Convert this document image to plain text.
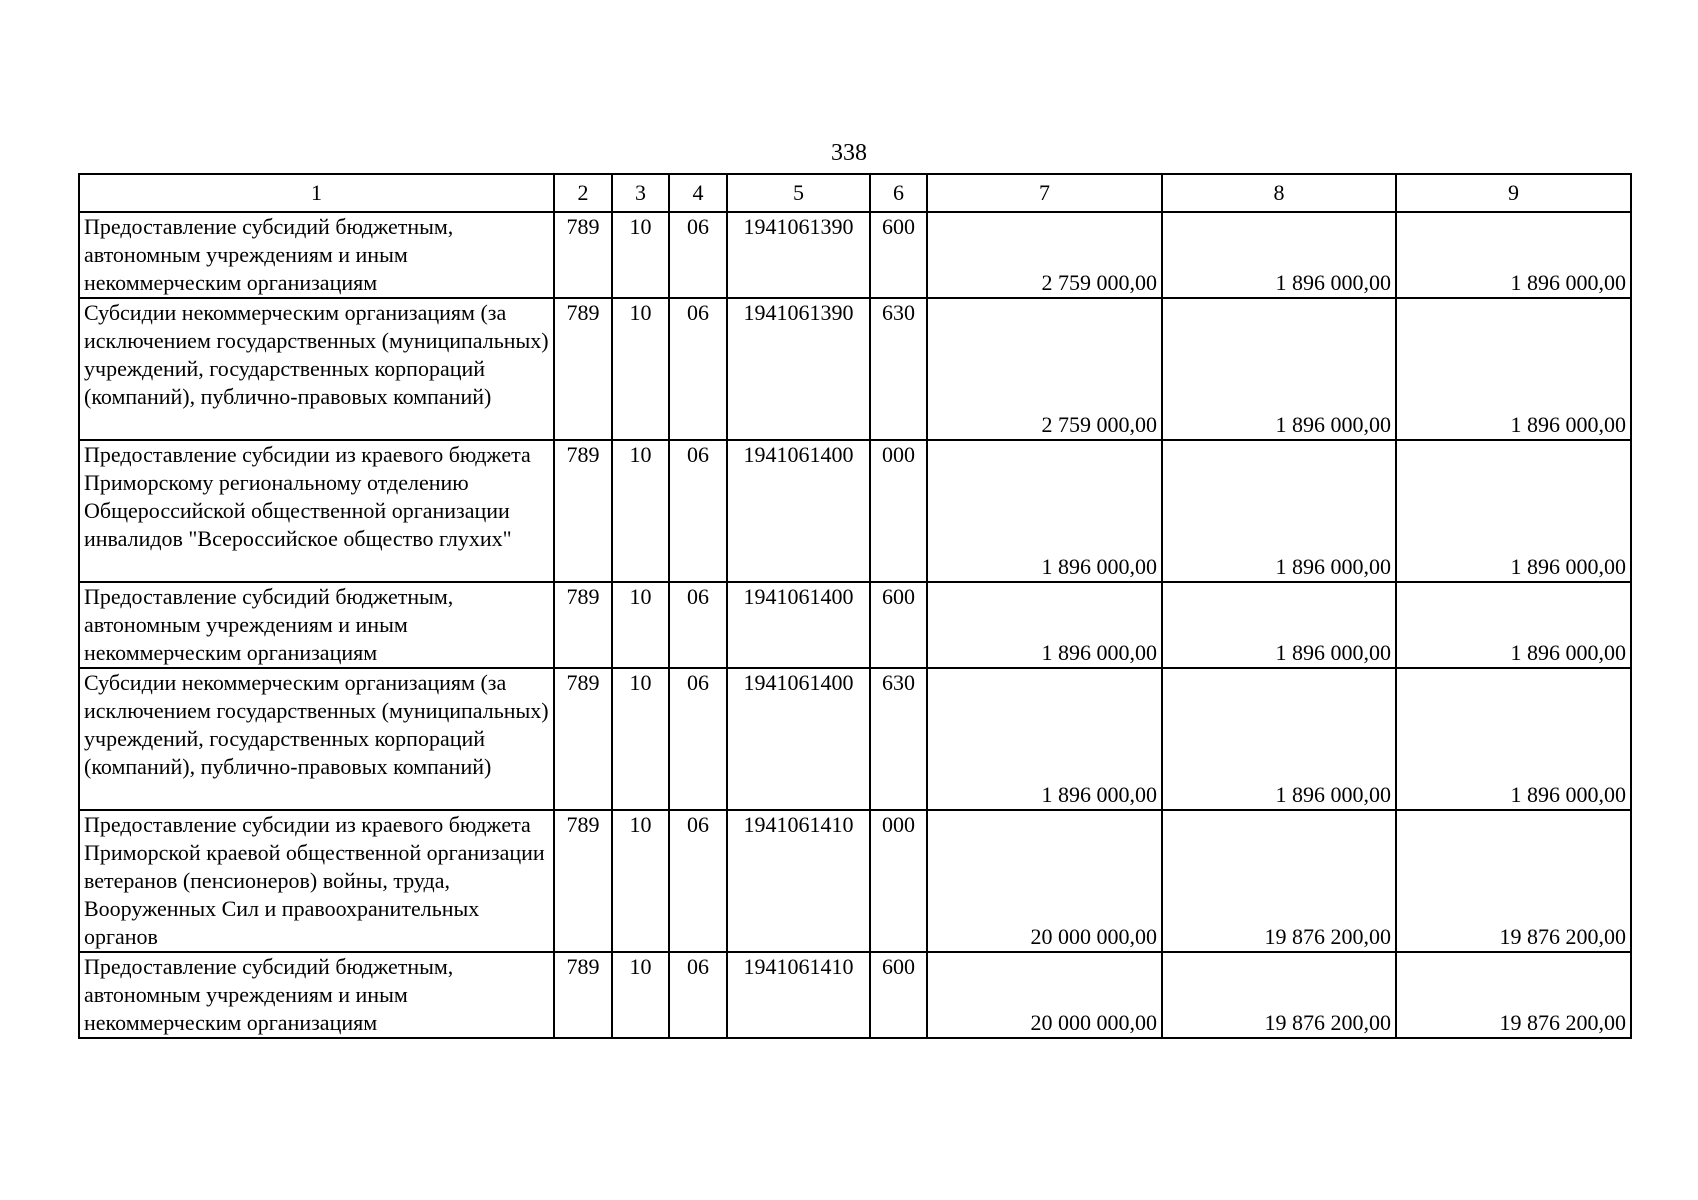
338
1	2	3	4	5	6	7	8	9
Предоставление субсидий бюджетным, автономным учреждениям и иным некоммерческим организациям	789	10	06	1941061390	600	2 759 000,00	1 896 000,00	1 896 000,00
Субсидии некоммерческим организациям (за исключением государственных (муниципальных) учреждений, государственных корпораций (компаний), публично-правовых компаний)	789	10	06	1941061390	630	2 759 000,00	1 896 000,00	1 896 000,00
Предоставление субсидии из краевого бюджета Приморскому региональному отделению Общероссийской общественной организации инвалидов "Всероссийское общество глухих"	789	10	06	1941061400	000	1 896 000,00	1 896 000,00	1 896 000,00
Предоставление субсидий бюджетным, автономным учреждениям и иным некоммерческим организациям	789	10	06	1941061400	600	1 896 000,00	1 896 000,00	1 896 000,00
Субсидии некоммерческим организациям (за исключением государственных (муниципальных) учреждений, государственных корпораций (компаний), публично-правовых компаний)	789	10	06	1941061400	630	1 896 000,00	1 896 000,00	1 896 000,00
Предоставление субсидии из краевого бюджета Приморской краевой общественной организации ветеранов (пенсионеров) войны, труда, Вооруженных Сил и правоохранительных органов	789	10	06	1941061410	000	20 000 000,00	19 876 200,00	19 876 200,00
Предоставление субсидий бюджетным, автономным учреждениям и иным некоммерческим организациям	789	10	06	1941061410	600	20 000 000,00	19 876 200,00	19 876 200,00
